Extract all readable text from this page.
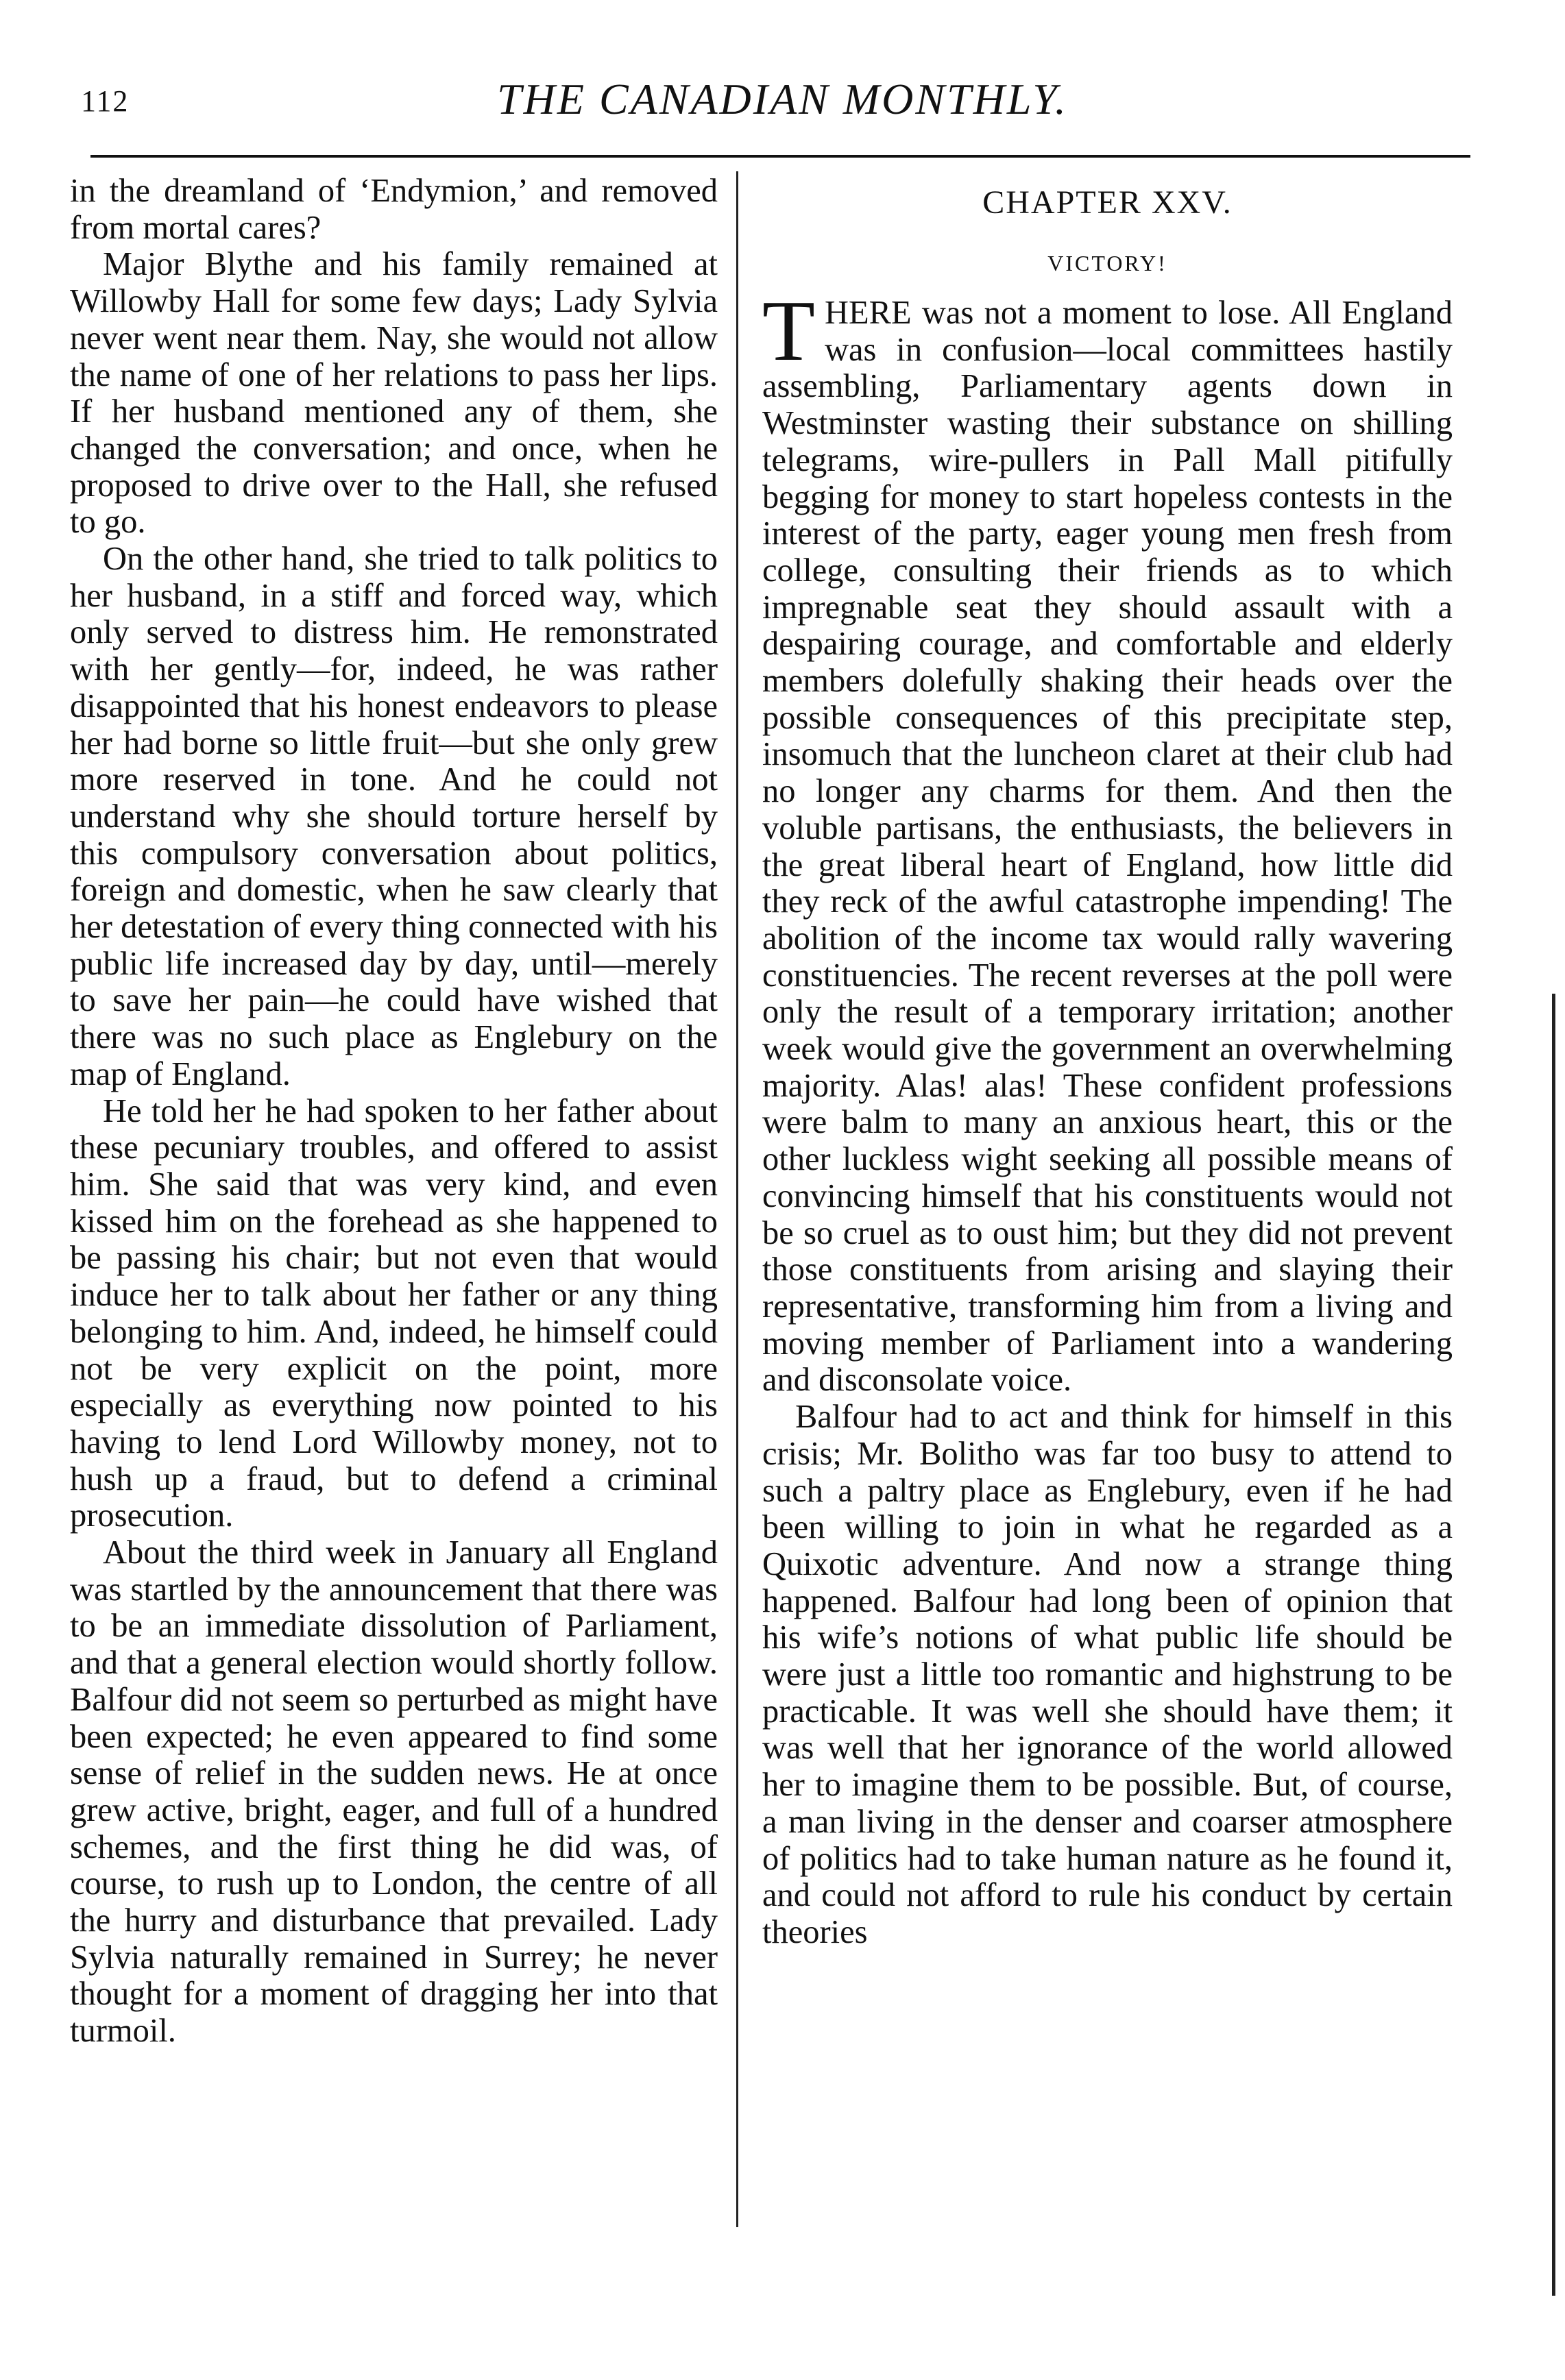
112	THE CANADIAN MONTHLY.

in the dreamland of ‘Endymion,’ and removed from mortal cares?

Major Blythe and his family remained at Willowby Hall for some few days; Lady Sylvia never went near them. Nay, she would not allow the name of one of her relations to pass her lips. If her husband mentioned any of them, she changed the conversation; and once, when he proposed to drive over to the Hall, she refused to go.

On the other hand, she tried to talk politics to her husband, in a stiff and forced way, which only served to distress him. He remonstrated with her gently—for, indeed, he was rather disappointed that his honest endeavors to please her had borne so little fruit—but she only grew more reserved in tone. And he could not understand why she should torture herself by this compulsory conversation about politics, foreign and domestic, when he saw clearly that her detestation of every thing connected with his public life increased day by day, until—merely to save her pain—he could have wished that there was no such place as Englebury on the map of England.

He told her he had spoken to her father about these pecuniary troubles, and offered to assist him. She said that was very kind, and even kissed him on the forehead as she happened to be passing his chair; but not even that would induce her to talk about her father or any thing belonging to him. And, indeed, he himself could not be very explicit on the point, more especially as everything now pointed to his having to lend Lord Willowby money, not to hush up a fraud, but to defend a criminal prosecution.

About the third week in January all England was startled by the announcement that there was to be an immediate dissolution of Parliament, and that a general election would shortly follow. Balfour did not seem so perturbed as might have been expected; he even appeared to find some sense of relief in the sudden news. He at once grew active, bright, eager, and full of a hundred schemes, and the first thing he did was, of course, to rush up to London, the centre of all the hurry and disturbance that prevailed. Lady Sylvia naturally remained in Surrey; he never thought for a moment of dragging her into that turmoil.

CHAPTER XXV.
VICTORY!

THERE was not a moment to lose. All England was in confusion—local committees hastily assembling, Parliamentary agents down in Westminster wasting their substance on shilling telegrams, wire-pullers in Pall Mall pitifully begging for money to start hopeless contests in the interest of the party, eager young men fresh from college, consulting their friends as to which impregnable seat they should assault with a despairing courage, and comfortable and elderly members dolefully shaking their heads over the possible consequences of this precipitate step, insomuch that the luncheon claret at their club had no longer any charms for them. And then the voluble partisans, the enthusiasts, the believers in the great liberal heart of England, how little did they reck of the awful catastrophe impending! The abolition of the income tax would rally wavering constituencies. The recent reverses at the poll were only the result of a temporary irritation; another week would give the government an overwhelming majority. Alas! alas! These confident professions were balm to many an anxious heart, this or the other luckless wight seeking all possible means of convincing himself that his constituents would not be so cruel as to oust him; but they did not prevent those constituents from arising and slaying their representative, transforming him from a living and moving member of Parliament into a wandering and disconsolate voice.

Balfour had to act and think for himself in this crisis; Mr. Bolitho was far too busy to attend to such a paltry place as Englebury, even if he had been willing to join in what he regarded as a Quixotic adventure. And now a strange thing happened. Balfour had long been of opinion that his wife’s notions of what public life should be were just a little too romantic and highstrung to be practicable. It was well she should have them; it was well that her ignorance of the world allowed her to imagine them to be possible. But, of course, a man living in the denser and coarser atmosphere of politics had to take human nature as he found it, and could not afford to rule his conduct by certain theories
